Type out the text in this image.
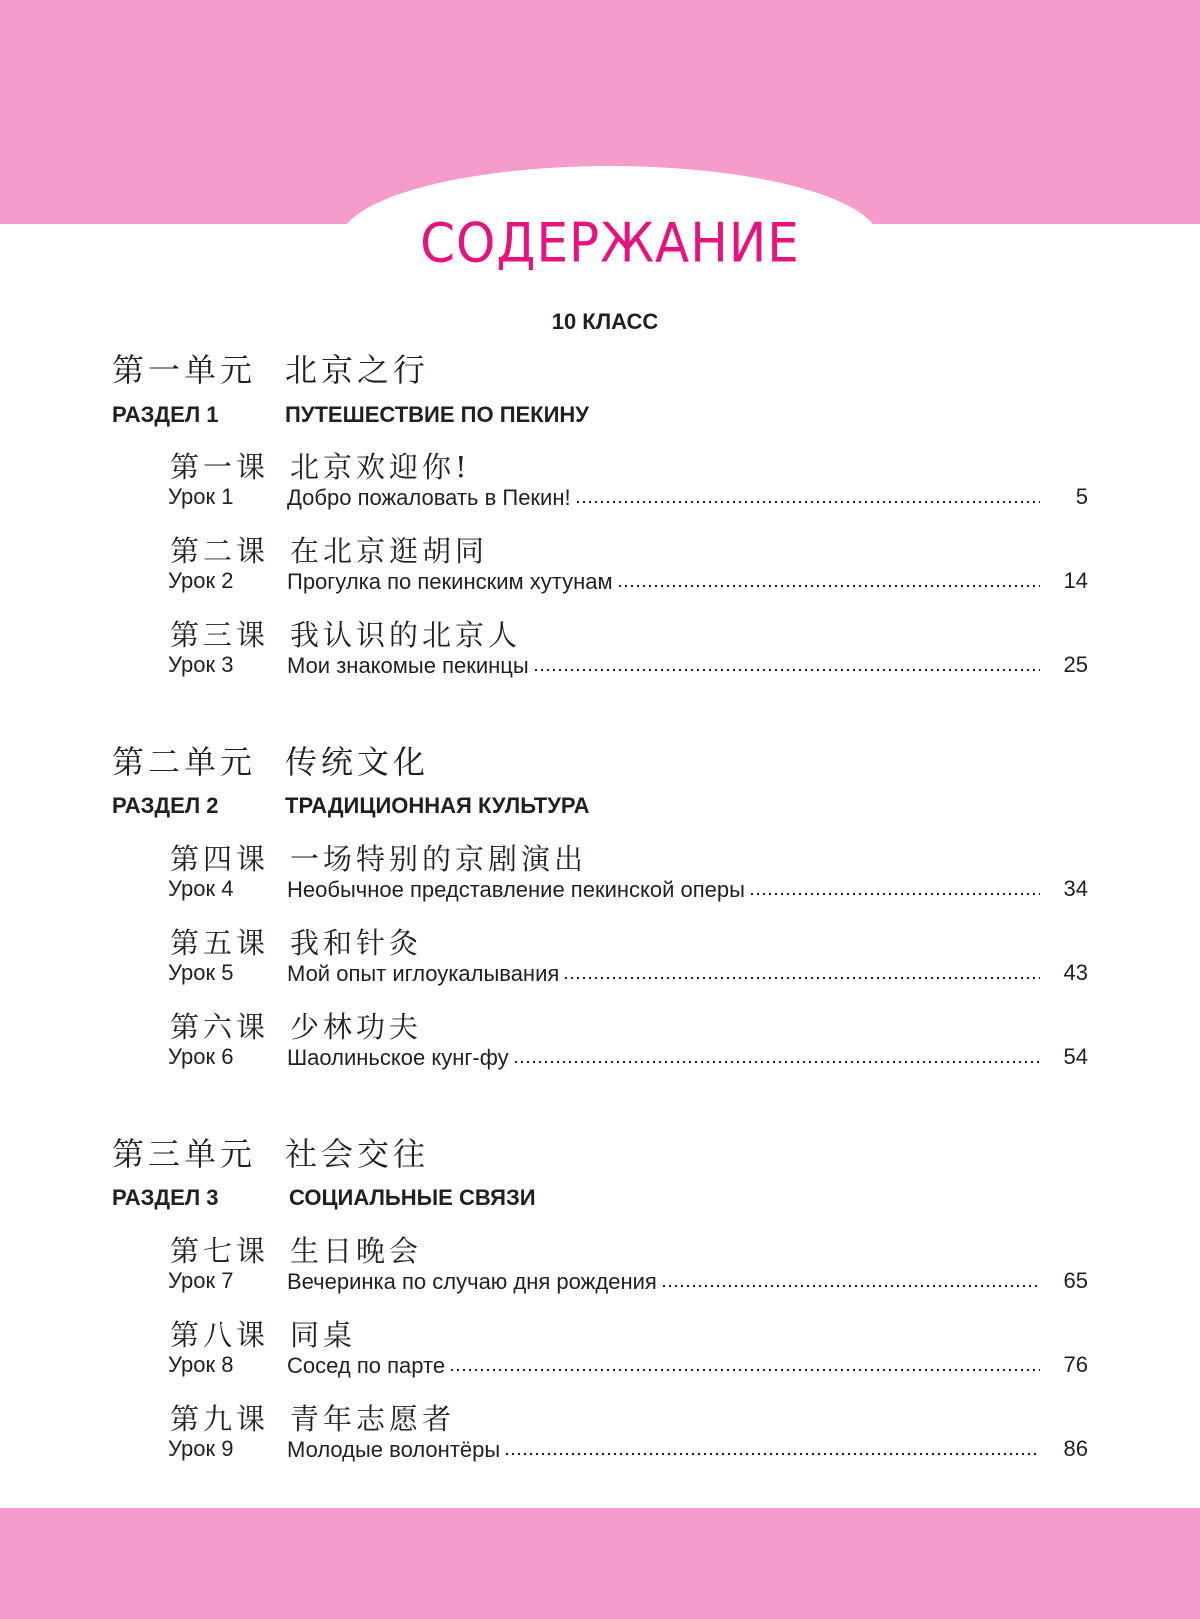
СОДЕРЖАНИЕ
10 КЛАСС
第一单元 北京之行
РАЗДЕЛ 1	ПУТЕШЕСТВИЕ ПО ПЕКИНУ
第一课 北京欢迎你!
Урок 1 Добро пожаловать в Пекин!	5
第二课 在北京逛胡同
Урок 2 Прогулка по пекинским хутунам	14
第三课 我认识的北京人
Урок 3 Мои знакомые пекинцы	25
第二单元 传统文化
РАЗДЕЛ 2	ТРАДИЦИОННАЯ КУЛЬТУРА
第四课 一场特别的京剧演出
Урок 4 Необычное представление пекинской оперы	34
第五课 我和针灸
Урок 5 Мой опыт иглоукалывания	43
第六课 少林功夫
Урок 6 Шаолиньское кунг-фу	54
第三单元 社会交往
РАЗДЕЛ 3	СОЦИАЛЬНЫЕ СВЯЗИ
第七课 生日晚会
Урок 7 Вечеринка по случаю дня рождения	65
第八课 同桌
Урок 8 Сосед по парте	76
第九课 青年志愿者
Урок 9 Молодые волонтёры	86
